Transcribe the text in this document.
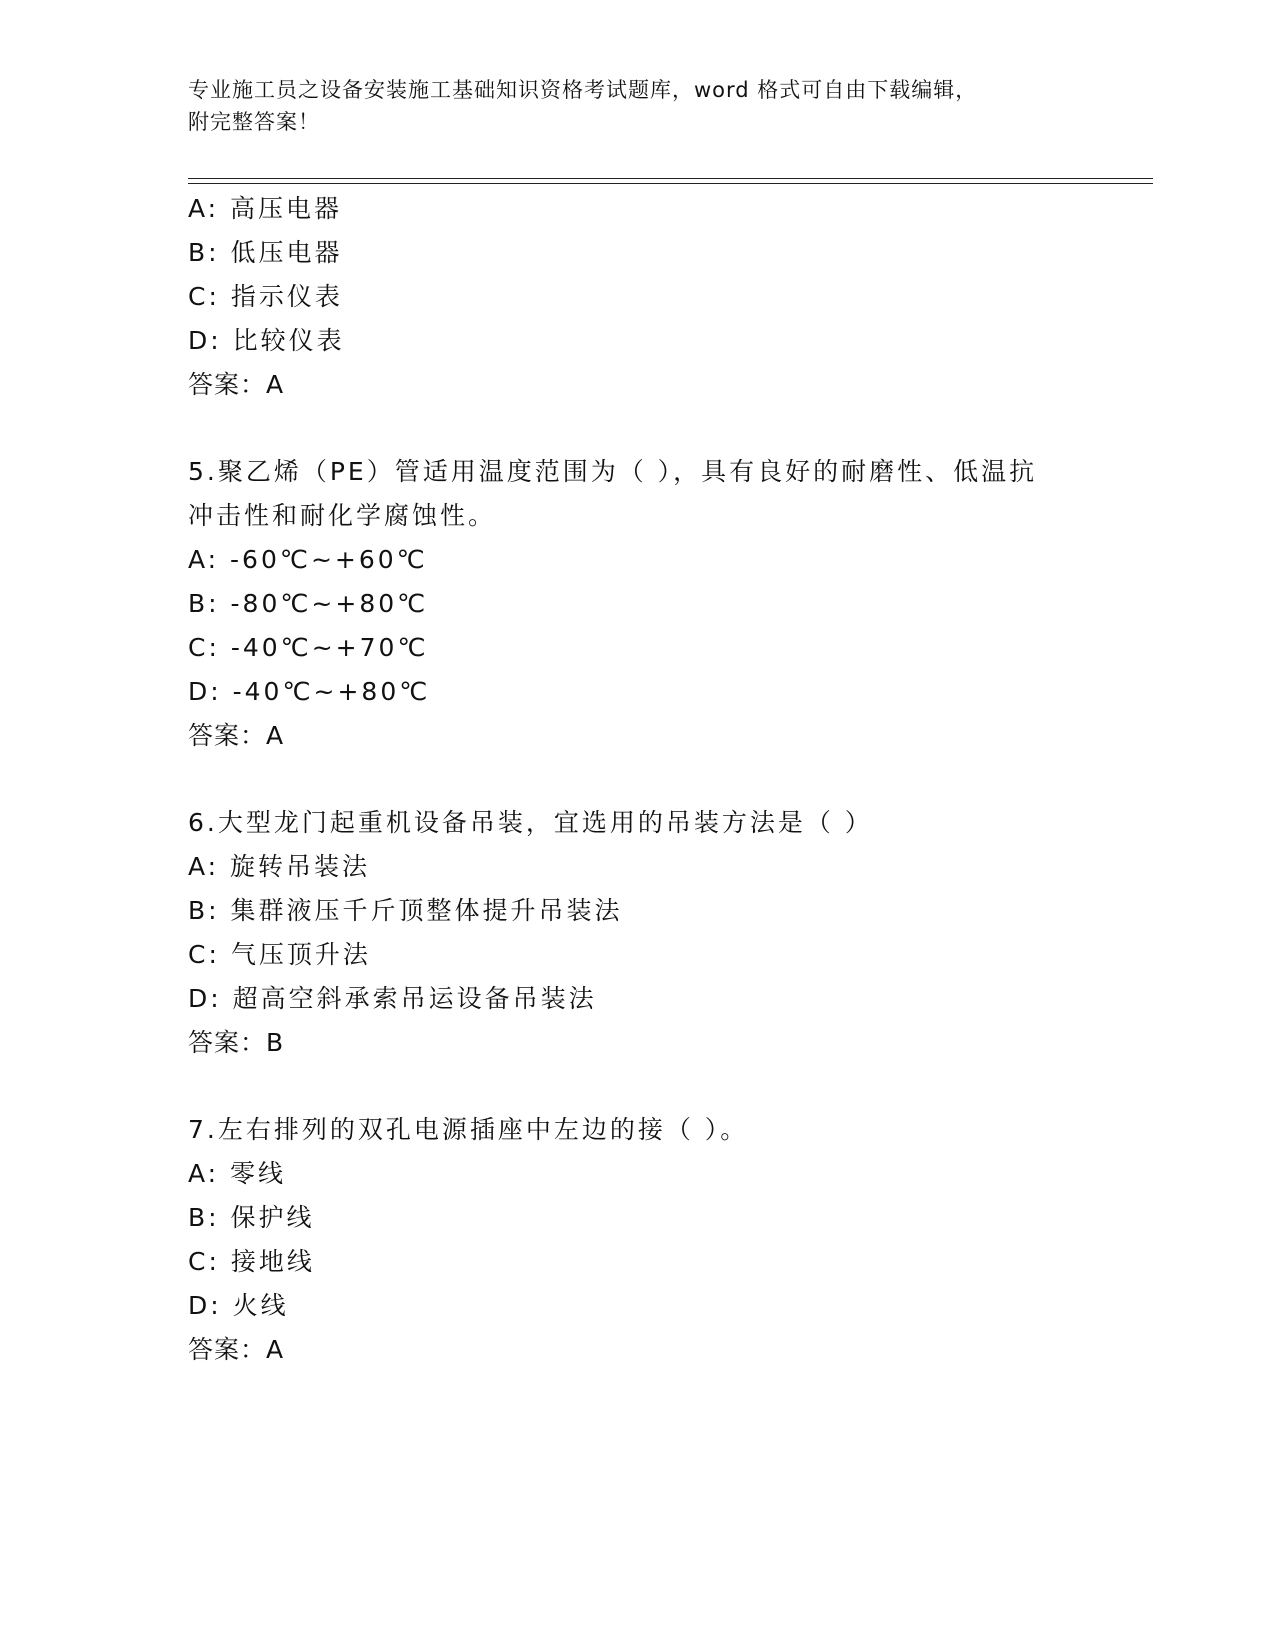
专业施工员之设备安装施工基础知识资格考试题库，word 格式可自由下载编辑，
附完整答案！
A: 高压电器
B: 低压电器
C: 指示仪表
D: 比较仪表
答案：A
5.聚乙烯（PE）管适用温度范围为（ ），具有良好的耐磨性、低温抗
冲击性和耐化学腐蚀性。
A: -60℃~+60℃
B: -80℃~+80℃
C: -40℃~+70℃
D: -40℃~+80℃
答案：A
6.大型龙门起重机设备吊装，宜选用的吊装方法是（ ）
A: 旋转吊装法
B: 集群液压千斤顶整体提升吊装法
C: 气压顶升法
D: 超高空斜承索吊运设备吊装法
答案：B
7.左右排列的双孔电源插座中左边的接（ ）。
A: 零线
B: 保护线
C: 接地线
D: 火线
答案：A
